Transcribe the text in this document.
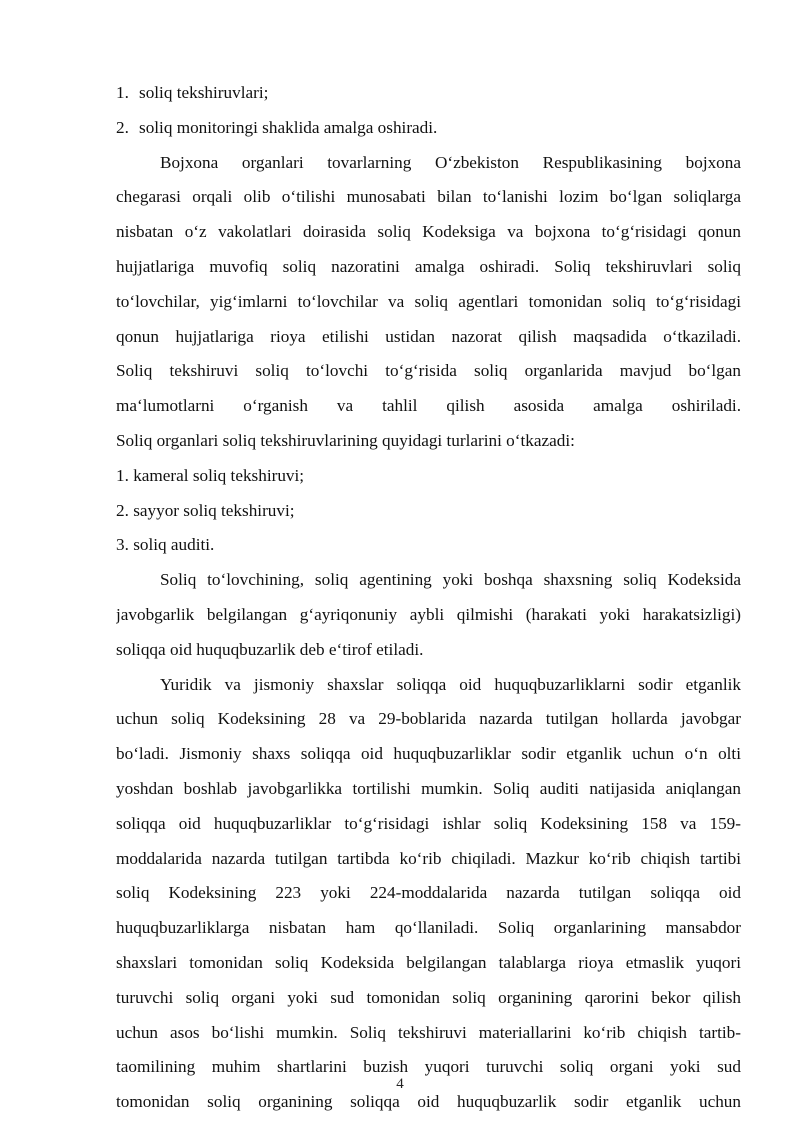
1. soliq tekshiruvlari;
2. soliq monitoringi shaklida amalga oshiradi.
Bojxona organlari tovarlarning O‘zbekiston Respublikasining bojxona
chegarasi orqali olib o‘tilishi munosabati bilan to‘lanishi lozim bo‘lgan soliqlarga
nisbatan o‘z vakolatlari doirasida soliq Kodeksiga va bojxona to‘g‘risidagi qonun
hujjatlariga muvofiq soliq nazoratini amalga oshiradi. Soliq tekshiruvlari soliq
to‘lovchilar, yig‘imlarni to‘lovchilar va soliq agentlari tomonidan soliq to‘g‘risidagi
qonun hujjatlariga rioya etilishi ustidan nazorat qilish maqsadida o‘tkaziladi.
Soliq tekshiruvi soliq to‘lovchi to‘g‘risida soliq organlarida mavjud bo‘lgan
ma‘lumotlarni o‘rganish va tahlil qilish asosida amalga oshiriladi.
Soliq organlari soliq tekshiruvlarining quyidagi turlarini o‘tkazadi:
1. kameral soliq tekshiruvi;
2. sayyor soliq tekshiruvi;
3. soliq auditi.
Soliq to‘lovchining, soliq agentining yoki boshqa shaxsning soliq Kodeksida
javobgarlik belgilangan g‘ayriqonuniy aybli qilmishi (harakati yoki harakatsizligi)
soliqqa oid huquqbuzarlik deb e‘tirof etiladi.
Yuridik va jismoniy shaxslar soliqqa oid huquqbuzarliklarni sodir etganlik
uchun soliq Kodeksining 28 va 29-boblarida nazarda tutilgan hollarda javobgar
bo‘ladi. Jismoniy shaxs soliqqa oid huquqbuzarliklar sodir etganlik uchun o‘n olti
yoshdan boshlab javobgarlikka tortilishi mumkin. Soliq auditi natijasida aniqlangan
soliqqa oid huquqbuzarliklar to‘g‘risidagi ishlar soliq Kodeksining 158 va 159-
moddalarida nazarda tutilgan tartibda ko‘rib chiqiladi. Mazkur ko‘rib chiqish tartibi
soliq Kodeksining 223 yoki 224-moddalarida nazarda tutilgan soliqqa oid
huquqbuzarliklarga nisbatan ham qo‘llaniladi. Soliq organlarining mansabdor
shaxslari tomonidan soliq Kodeksida belgilangan talablarga rioya etmaslik yuqori
turuvchi soliq organi yoki sud tomonidan soliq organining qarorini bekor qilish
uchun asos bo‘lishi mumkin. Soliq tekshiruvi materiallarini ko‘rib chiqish tartib-
taomilining muhim shartlarini buzish yuqori turuvchi soliq organi yoki sud
tomonidan soliq organining soliqqa oid huquqbuzarlik sodir etganlik uchun
4
